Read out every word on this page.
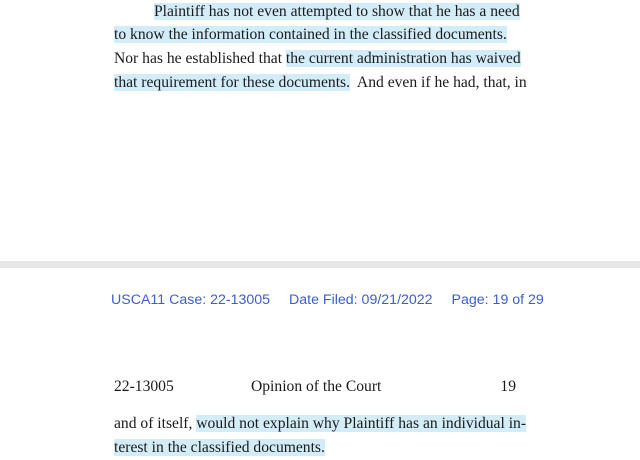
Plaintiff has not even attempted to show that he has a need
to know the information contained in the classified documents.
Nor has he established that the current administration has waived
that requirement for these documents.  And even if he had, that, in
USCA11 Case: 22-13005 Date Filed: 09/21/2022 Page: 19 of 29
22-13005	Opinion of the Court	19
and of itself, would not explain why Plaintiff has an individual in-
terest in the classified documents.
